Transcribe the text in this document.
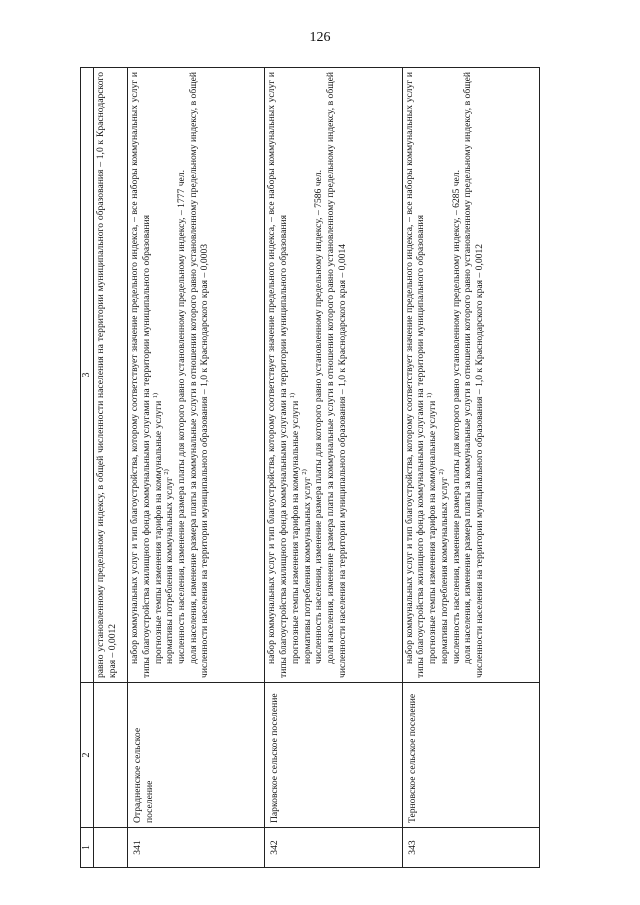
126
1	2	3

		равно установленному предельному индексу, в общей численности населения на территории муниципального образования – 1,0 к Краснодарского края – 0,0012

341	Отрадненское сельское поселение	набор коммунальных услуг и тип благоустройства, которому соответствует значение предельного индекса, – все наборы коммунальных услуг и типы благоустройства жилищного фонда коммунальными услугами на территории муниципального образования прогнозные темпы изменения тарифов на коммунальные услуги $^{1)}$

нормативы потребления коммунальных услуг $^{2)}$ численность населения, изменение размера платы для которого равно установленному предельному индексу, – 1777 чел. доля населения, изменение размера платы за коммунальные услуги в отношении которого равно установленному предельному индексу, в общей численности населения на территории муниципального образования – 1,0 к Краснодарского края – 0,0003

342	Парковское сельское поселение	набор коммунальных услуг и тип благоустройства, которому соответствует значение предельного индекса, – все наборы коммунальных услуг и типы благоустройства жилищного фонда коммунальными услугами на территории муниципального образования прогнозные темпы изменения тарифов на коммунальные услуги $^{1)}$

нормативы потребления коммунальных услуг $^{2)}$ численность населения, изменение размера платы для которого равно установленному предельному индексу, – 7586 чел. доля населения, изменение размера платы за коммунальные услуги в отношении которого равно установленному предельному индексу, в общей численности населения на территории муниципального образования – 1,0 к Краснодарского края – 0,0014

343	Терновское сельское поселение	набор коммунальных услуг и тип благоустройства, которому соответствует значение предельного индекса, – все наборы коммунальных услуг и типы благоустройства жилищного фонда коммунальными услугами на территории муниципального образования прогнозные темпы изменения тарифов на коммунальные услуги $^{1)}$

нормативы потребления коммунальных услуг $^{2)}$ численность населения, изменение размера платы для которого равно установленному предельному индексу, – 6285 чел. доля населения, изменение размера платы за коммунальные услуги в отношении которого равно установленному предельному индексу, в общей численности населения на территории муниципального образования – 1,0 к Краснодарского края – 0,0012
